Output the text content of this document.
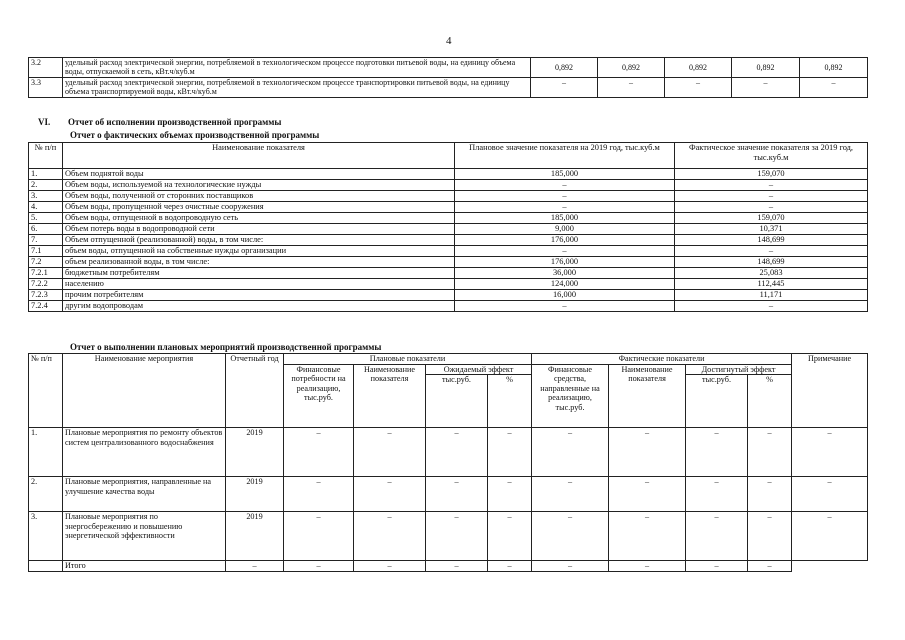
4
3.2	удельный расход электрической энергии, потребляемой в технологическом процессе подготовки питьевой воды, на единицу объема воды, отпускаемой в сеть, кВт.ч/куб.м	0,892	0,892	0,892	0,892	0,892
3.3	удельный расход электрической энергии, потребляемой в технологическом процессе транспортировки питьевой воды, на единицу объема транспортируемой воды, кВт.ч/куб.м	–	–	–	–	–
VI. Отчет об исполнении производственной программы
Отчет о фактических объемах производственной программы
№ п/п	Наименование показателя	Плановое значение показателя на 2019 год, тыс.куб.м	Фактическое значение показателя за 2019 год, тыс.куб.м
1.	Объем поднятой воды	185,000	159,070
2.	Объем воды, используемой на технологические нужды	–	–
3.	Объем воды, полученной от сторонних поставщиков	–	–
4.	Объем воды, пропущенной через очистные сооружения	–	–
5.	Объем воды, отпущенной в водопроводную сеть	185,000	159,070
6.	Объем потерь воды в водопроводной сети	9,000	10,371
7.	Объем отпущенной (реализованной) воды, в том числе:	176,000	148,699
7.1	объем воды, отпущенной на собственные нужды организации	–	–
7.2	объем реализованной воды, в том числе:	176,000	148,699
7.2.1	бюджетным потребителям	36,000	25,083
7.2.2	населению	124,000	112,445
7.2.3	прочим потребителям	16,000	11,171
7.2.4	другим водопроводам	–	–
Отчет о выполнении плановых мероприятий производственной программы
№ п/п	Наименование мероприятия	Отчетный год	Плановые показатели				Фактические показатели				Примечание
			Финансовые потребности на реализацию, тыс.руб.	Наименование показателя	Ожидаемый эффект		Финансовые средства, направленные на реализацию, тыс.руб.	Наименование показателя	Достигнутый эффект		
					тыс.руб.	%			тыс.руб.	%	
1.	Плановые мероприятия по ремонту объектов систем централизованного водоснабжения	2019	–	–	–	–	–	–	–	–	–
2.	Плановые мероприятия, направленные на улучшение качества воды	2019	–	–	–	–	–	–	–	–	–
3.	Плановые мероприятия по энергосбережению и повышению энергетической эффективности	2019	–	–	–	–	–	–	–	–	–
	Итого	–	–	–	–	–	–	–	–	–	
